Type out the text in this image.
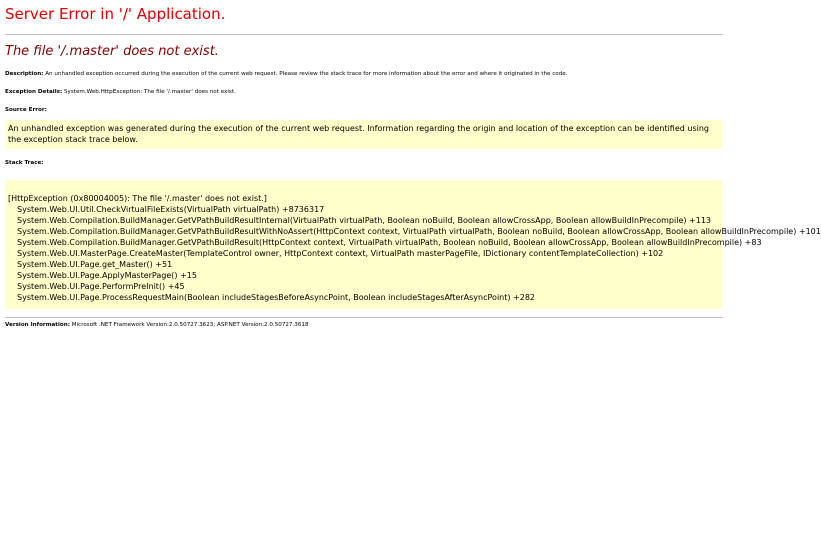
Server Error in '/' Application.
The file '/.master' does not exist.
Description: An unhandled exception occurred during the execution of the current web request. Please review the stack trace for more information about the error and where it originated in the code.
Exception Details: System.Web.HttpException: The file '/.master' does not exist.
Source Error:
An unhandled exception was generated during the execution of the current web request. Information regarding the origin and location of the exception can be identified using the exception stack trace below.
Stack Trace:
[HttpException (0x80004005): The file '/.master' does not exist.]
System.Web.UI.Util.CheckVirtualFileExists(VirtualPath virtualPath) +8736317
System.Web.Compilation.BuildManager.GetVPathBuildResultInternal(VirtualPath virtualPath, Boolean noBuild, Boolean allowCrossApp, Boolean allowBuildInPrecompile) +113
System.Web.Compilation.BuildManager.GetVPathBuildResultWithNoAssert(HttpContext context, VirtualPath virtualPath, Boolean noBuild, Boolean allowCrossApp, Boolean allowBuildInPrecompile) +101
System.Web.Compilation.BuildManager.GetVPathBuildResult(HttpContext context, VirtualPath virtualPath, Boolean noBuild, Boolean allowCrossApp, Boolean allowBuildInPrecompile) +83
System.Web.UI.MasterPage.CreateMaster(TemplateControl owner, HttpContext context, VirtualPath masterPageFile, IDictionary contentTemplateCollection) +102
System.Web.UI.Page.get_Master() +51
System.Web.UI.Page.ApplyMasterPage() +15
System.Web.UI.Page.PerformPreInit() +45
System.Web.UI.Page.ProcessRequestMain(Boolean includeStagesBeforeAsyncPoint, Boolean includeStagesAfterAsyncPoint) +282
Version Information: Microsoft .NET Framework Version:2.0.50727.3623; ASP.NET Version:2.0.50727.3618
